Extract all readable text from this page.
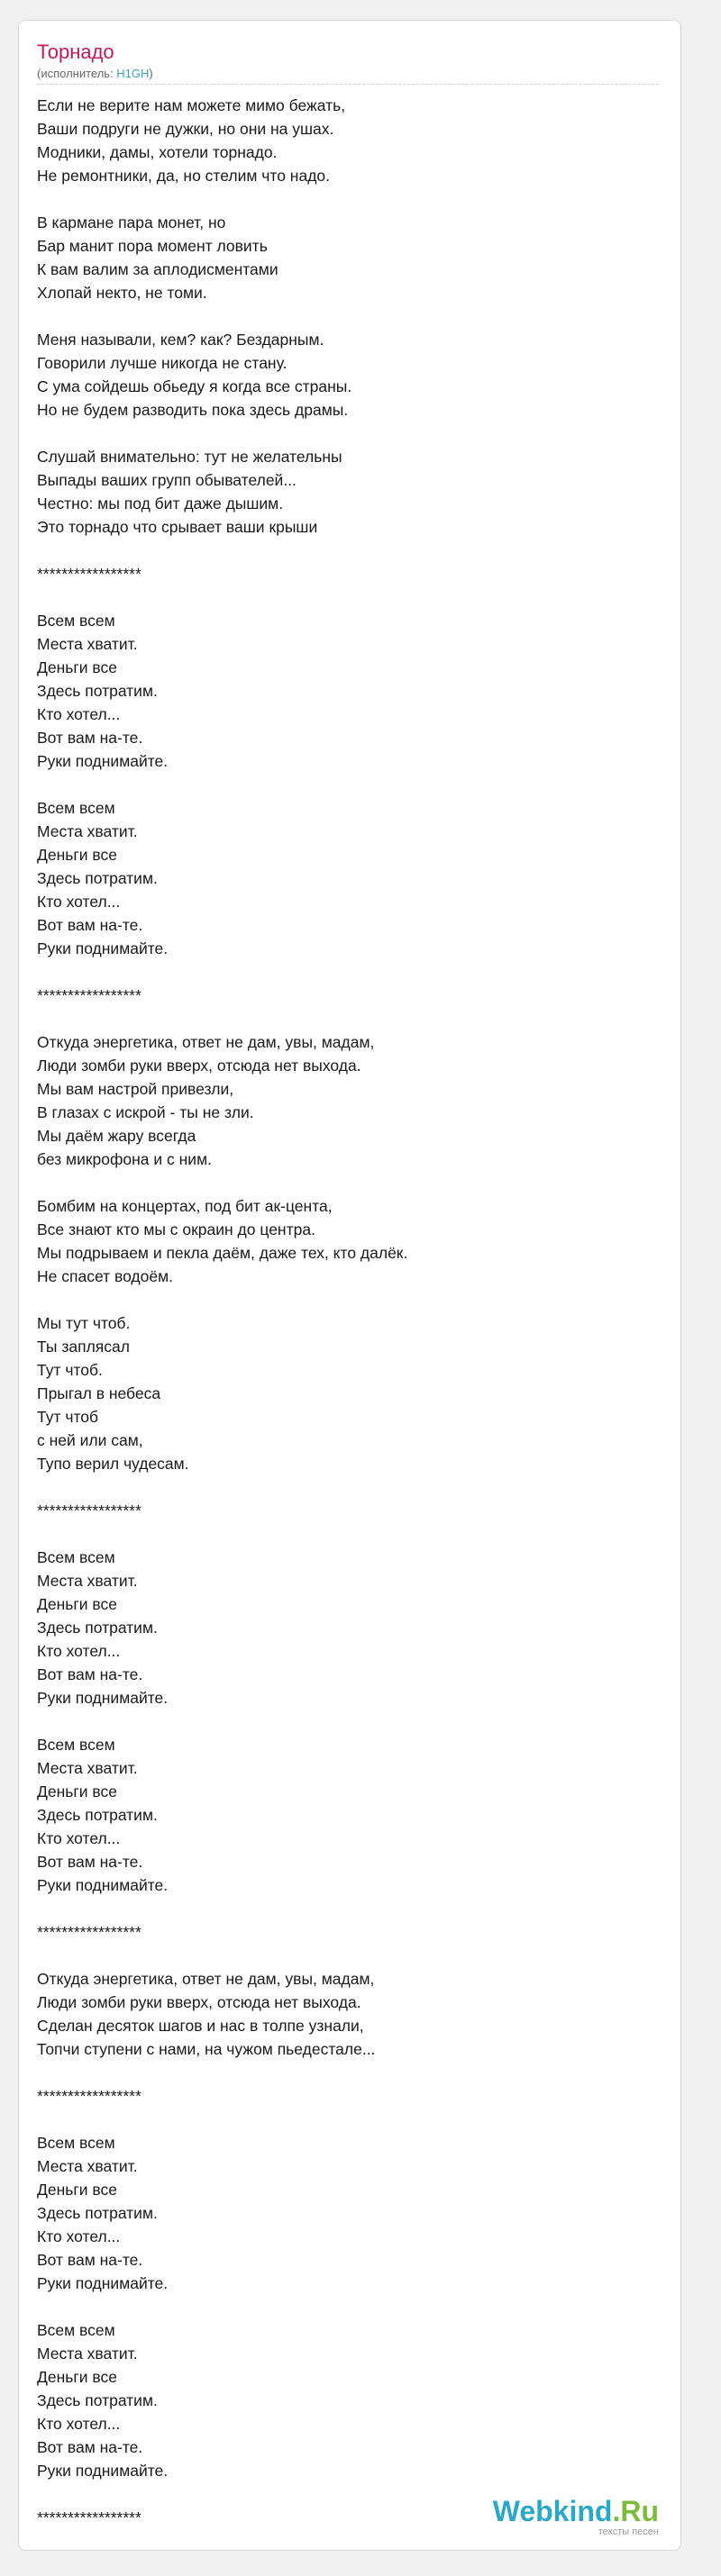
Торнадо
(исполнитель: H1GH)
Если не верите нам можете мимо бежать,
Ваши подруги не дужки, но они на ушах.
Модники, дамы, хотели торнадо.
Не ремонтники, да, но стелим что надо.
В кармане пара монет, но
Бар манит пора момент ловить
К вам валим за аплодисментами
Хлопай некто, не томи.
Меня называли, кем? как? Бездарным.
Говорили лучше никогда не стану.
С ума сойдешь обьеду я когда все страны.
Но не будем разводить пока здесь драмы.
Слушай внимательно: тут не желательны
Выпады ваших групп обывателей...
Честно: мы под бит даже дышим.
Это торнадо что срывает ваши крыши
*****************
Всем всем
Места хватит.
Деньги все
Здесь потратим.
Кто хотел...
Вот вам на-те.
Руки поднимайте.
Всем всем
Места хватит.
Деньги все
Здесь потратим.
Кто хотел...
Вот вам на-те.
Руки поднимайте.
*****************
Откуда энергетика, ответ не дам, увы, мадам,
Люди зомби руки вверх, отсюда нет выхода.
Мы вам настрой привезли,
В глазах с искрой - ты не зли.
Мы даём жару всегда
без микрофона и с ним.
Бомбим на концертах, под бит ак-цента,
Все знают кто мы с окраин до центра.
Мы подрываем и пекла даём, даже тех, кто далёк.
Не спасет водоём.
Мы тут чтоб.
Ты заплясал
Тут чтоб.
Прыгал в небеса
Тут чтоб
с ней или сам,
Тупо верил чудесам.
*****************
Всем всем
Места хватит.
Деньги все
Здесь потратим.
Кто хотел...
Вот вам на-те.
Руки поднимайте.
Всем всем
Места хватит.
Деньги все
Здесь потратим.
Кто хотел...
Вот вам на-те.
Руки поднимайте.
*****************
Откуда энергетика, ответ не дам, увы, мадам,
Люди зомби руки вверх, отсюда нет выхода.
Сделан десяток шагов и нас в толпе узнали,
Топчи ступени с нами, на чужом пьедестале...
*****************
Всем всем
Места хватит.
Деньги все
Здесь потратим.
Кто хотел...
Вот вам на-те.
Руки поднимайте.
Всем всем
Места хватит.
Деньги все
Здесь потратим.
Кто хотел...
Вот вам на-те.
Руки поднимайте.
*****************	Webkind.Ru
тексты песен
